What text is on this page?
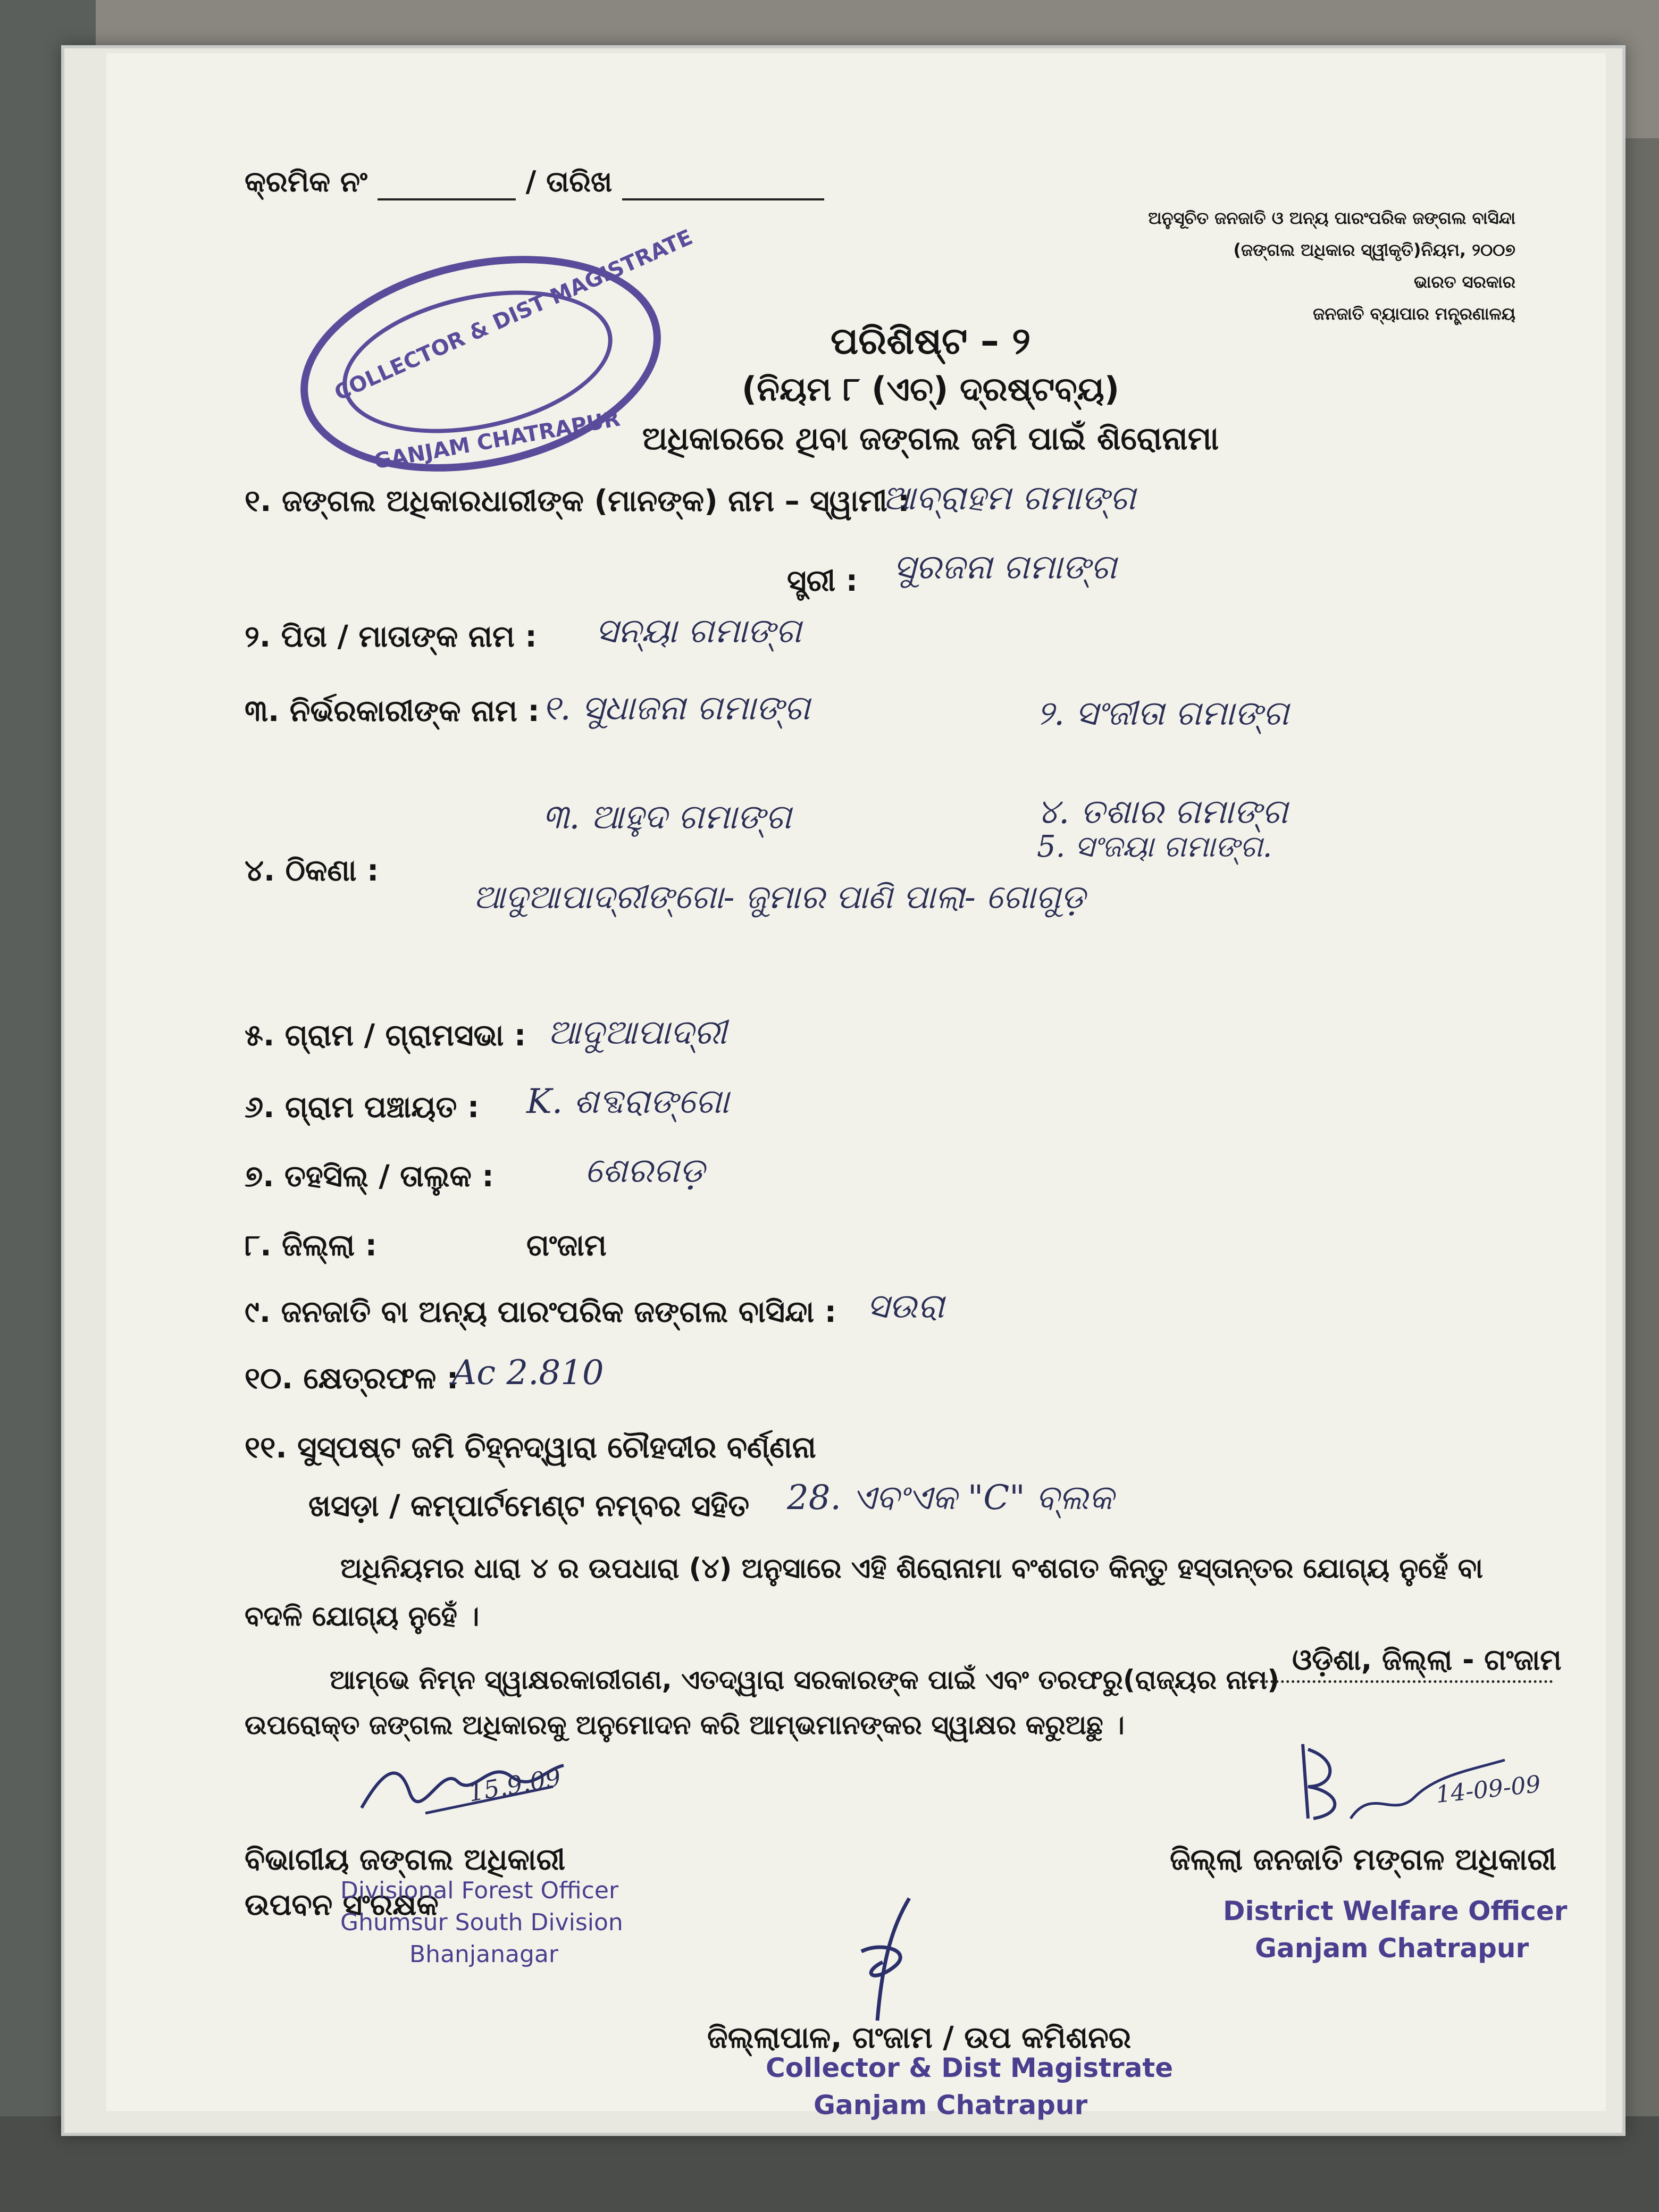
କ୍ରମିକ ନଂ	/ ତାରିଖ
ଅନୁସୂଚିତ ଜନଜାତି ଓ ଅନ୍ୟ ପାରଂପରିକ ଜଙ୍ଗଲ ବାସିନ୍ଦା
(ଜଙ୍ଗଲ ଅଧିକାର ସ୍ୱୀକୃତି)ନିୟମ, ୨୦୦୭
ଭାରତ ସରକାର
ଜନଜାତି ବ୍ୟାପାର ମନ୍ତ୍ରଣାଳୟ
COLLECTOR & DIST MAGISTRATE
GANJAM CHATRAPUR
ପରିଶିଷ୍ଟ – ୨
(ନିୟମ ୮ (ଏଚ୍) ଦ୍ରଷ୍ଟବ୍ୟ)
ଅଧିକାରରେ ଥିବା ଜଙ୍ଗଲ ଜମି ପାଇଁ ଶିରୋନାମା
୧. ଜଙ୍ଗଲ ଅଧିକାରଧାରୀଙ୍କ (ମାନଙ୍କ) ନାମ – ସ୍ୱାମୀ :
ଆବ୍ରାହମ ଗମାଙ୍ଗ
ସ୍ତ୍ରୀ : ସୁରଜନା ଗମାଙ୍ଗ
୨. ପିତା / ମାତାଙ୍କ ନାମ : ସନ୍ୟା ଗମାଙ୍ଗ
୩. ନିର୍ଭରକାରୀଙ୍କ ନାମ : ୧. ସୁଧାଜନା ଗମାଙ୍ଗ	୨. ସଂଜୀତା ଗମାଙ୍ଗ
୩. ଆହୁଦ ଗମାଙ୍ଗ	୪. ତଶାର ଗମାଙ୍ଗ
5. ସଂଜୟା ଗମାଙ୍ଗ.
୪. ଠିକଣା :
ଆଦୁଆପାଦ୍ରୀଙ୍ଗୋ- ଜୁମାର ପାଣି ପାଲା- ଗୋଗୁଡ଼
୫. ଗ୍ରାମ / ଗ୍ରାମସଭା : ଆଦୁଆପାଦ୍ରୀ
୬. ଗ୍ରାମ ପଞ୍ଚାୟତ : K. ଶବ୍ଦରାଙ୍ଗୋ
୭. ତହସିଲ୍ / ତାଲୁକ :	ଶେରଗଡ଼
୮. ଜିଲ୍ଲା :	ଗଂଜାମ
୯. ଜନଜାତି ବା ଅନ୍ୟ ପାରଂପରିକ ଜଙ୍ଗଲ ବାସିନ୍ଦା : ସଉରା
୧୦. କ୍ଷେତ୍ରଫଳ :
Ac 2.810
୧୧. ସୁସ୍ପଷ୍ଟ ଜମି ଚିହ୍ନଦ୍ୱାରା ଚୌହଦୀର ବର୍ଣ୍ଣନା
ଖସଡ଼ା / କମ୍ପାର୍ଟମେଣ୍ଟ ନମ୍ବର ସହିତ 28. ଏବଂଏକ "C" ବ୍ଲକ
ଅଧିନିୟମର ଧାରା ୪ ର ଉପଧାରା (୪) ଅନୁସାରେ ଏହି ଶିରୋନାମା ବଂଶଗତ କିନ୍ତୁ ହସ୍ତାନ୍ତର ଯୋଗ୍ୟ ନୁହେଁ ବା
ବଦଳି ଯୋଗ୍ୟ ନୁହେଁ ।
ଆମ୍ଭେ ନିମ୍ନ ସ୍ୱାକ୍ଷରକାରୀଗଣ, ଏତଦ୍ୱାରା ସରକାରଙ୍କ ପାଇଁ ଏବଂ ତରଫରୁ(ରାଜ୍ୟର ନାମ)
ଓଡ଼ିଶା, ଜିଲ୍ଲା - ଗଂଜାମ
ଉପରୋକ୍ତ ଜଙ୍ଗଲ ଅଧିକାରକୁ ଅନୁମୋଦନ କରି ଆମ୍ଭମାନଙ୍କର ସ୍ୱାକ୍ଷର କରୁଅଛୁ ।
15.9.09
ବିଭାଗୀୟ ଜଙ୍ଗଲ ଅଧିକାରୀ
ଉପବନ ସଂରକ୍ଷକ
Divisional Forest Officer
Ghumsur South Division
Bhanjanagar
14-09-09
ଜିଲ୍ଲା ଜନଜାତି ମଙ୍ଗଳ ଅଧିକାରୀ
District Welfare Officer
Ganjam Chatrapur
ଜିଲ୍ଲାପାଳ, ଗଂଜାମ / ଉପ କମିଶନର
Collector & Dist Magistrate
Ganjam Chatrapur
